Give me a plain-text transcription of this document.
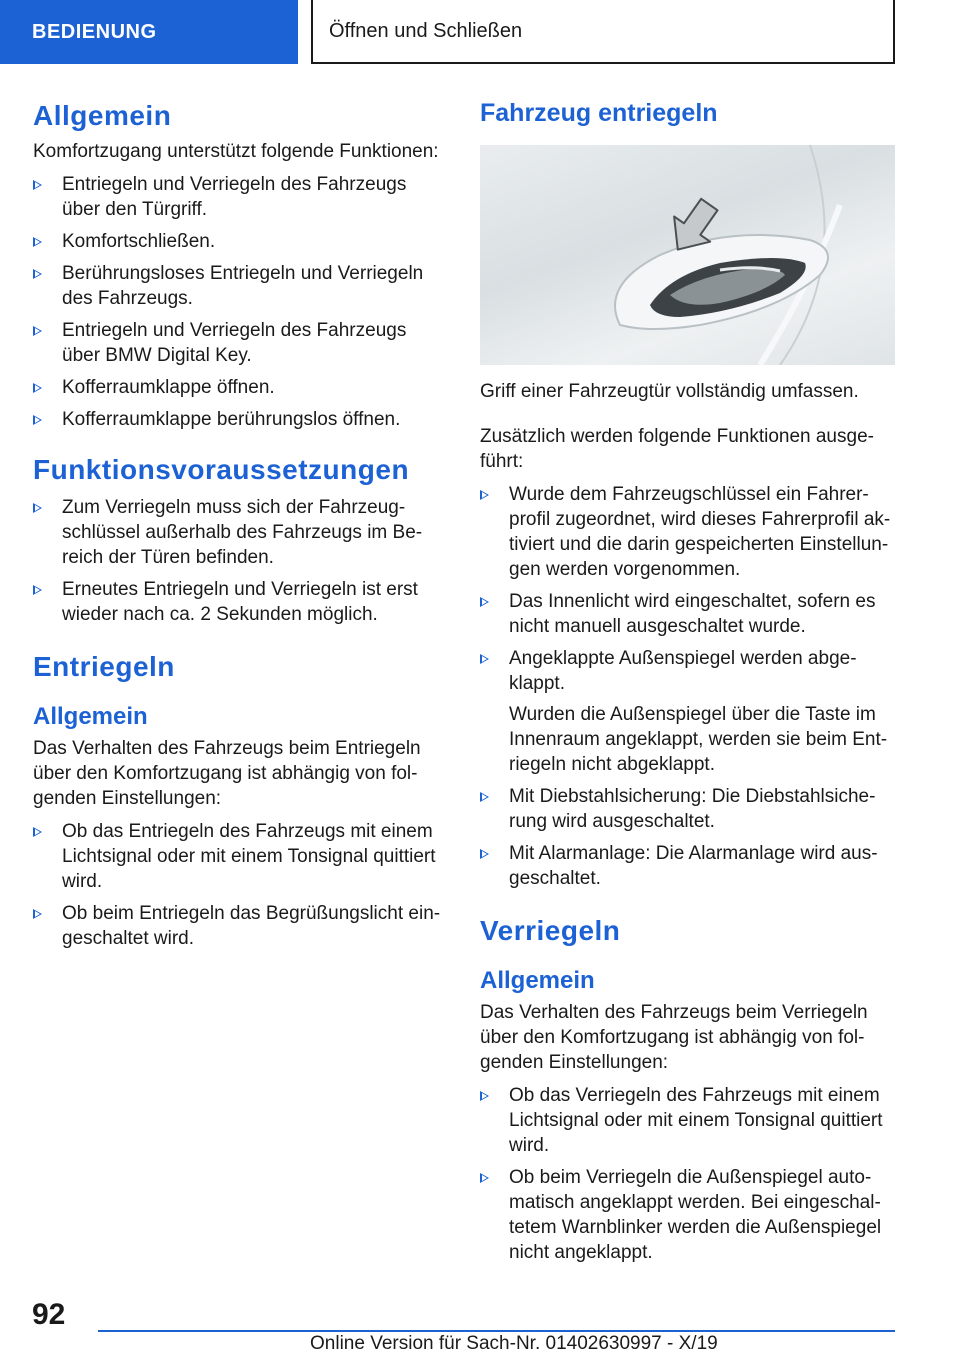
BEDIENUNG	Öffnen und Schließen
Allgemein

Komfortzugang unterstützt folgende Funktionen:

Entriegeln und Verriegeln des Fahrzeugs über den Türgriff.
Komfortschließen.
Berührungsloses Entriegeln und Verriegeln des Fahrzeugs.
Entriegeln und Verriegeln des Fahrzeugs über BMW Digital Key.
Kofferraumklappe öffnen.
Kofferraumklappe berührungslos öffnen.
Funktionsvoraussetzungen
Zum Verriegeln muss sich der Fahrzeugschlüssel außerhalb des Fahrzeugs im Bereich der Türen befinden.
Erneutes Entriegeln und Verriegeln ist erst wieder nach ca. 2 Sekunden möglich.
Entriegeln
Allgemein

Das Verhalten des Fahrzeugs beim Entriegeln über den Komfortzugang ist abhängig von folgenden Einstellungen:

Ob das Entriegeln des Fahrzeugs mit einem Lichtsignal oder mit einem Tonsignal quittiert wird.
Ob beim Entriegeln das Begrüßungslicht eingeschaltet wird.
Fahrzeug entriegeln

Griff einer Fahrzeugtür vollständig umfassen.

Zusätzlich werden folgende Funktionen ausgeführt:

Wurde dem Fahrzeugschlüssel ein Fahrerprofil zugeordnet, wird dieses Fahrerprofil aktiviert und die darin gespeicherten Einstellungen werden vorgenommen.
Das Innenlicht wird eingeschaltet, sofern es nicht manuell ausgeschaltet wurde.
Angeklappte Außenspiegel werden abgeklappt.

Wurden die Außenspiegel über die Taste im Innenraum angeklappt, werden sie beim Entriegeln nicht abgeklappt.

Mit Diebstahlsicherung: Die Diebstahlsicherung wird ausgeschaltet.
Mit Alarmanlage: Die Alarmanlage wird ausgeschaltet.
Verriegeln
Allgemein

Das Verhalten des Fahrzeugs beim Verriegeln über den Komfortzugang ist abhängig von folgenden Einstellungen:

Ob das Verriegeln des Fahrzeugs mit einem Lichtsignal oder mit einem Tonsignal quittiert wird.
Ob beim Verriegeln die Außenspiegel automatisch angeklappt werden. Bei eingeschaltetem Warnblinker werden die Außenspiegel nicht angeklappt.
92
Online Version für Sach-Nr. 01402630997 - X/19
